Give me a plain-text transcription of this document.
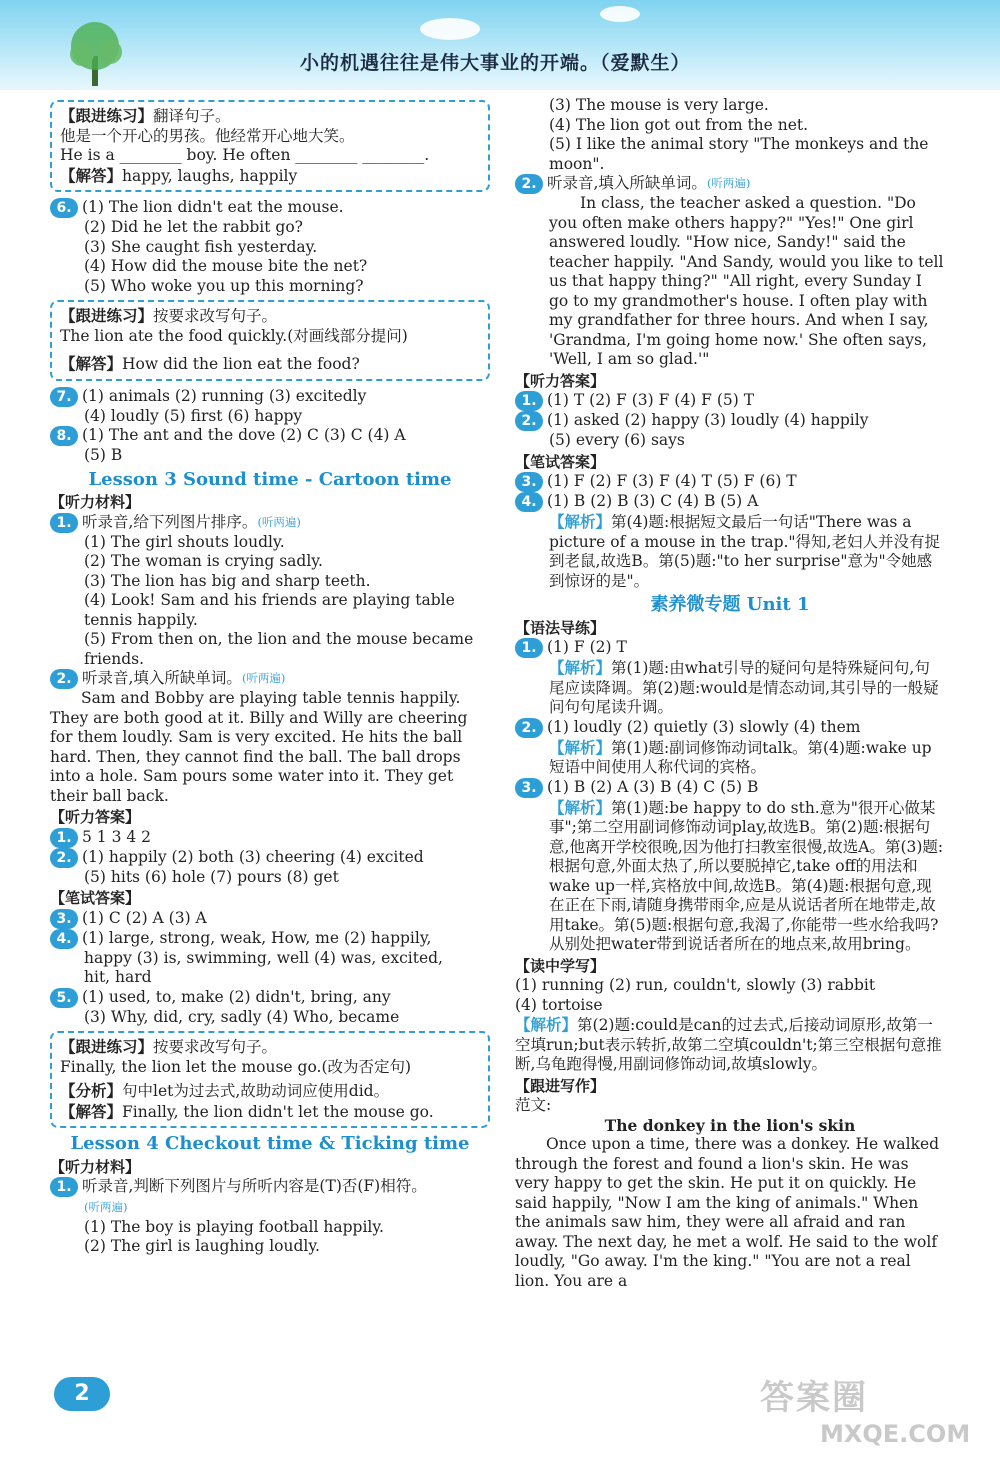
小的机遇往往是伟大事业的开端。（爱默生）
【跟进练习】翻译句子。
他是一个开心的男孩。他经常开心地大笑。
He is a ________ boy. He often ________ ________.
【解答】happy, laughs, happily
6. (1) The lion didn't eat the mouse.
(2) Did he let the rabbit go?
(3) She caught fish yesterday.
(4) How did the mouse bite the net?
(5) Who woke you up this morning?
【跟进练习】按要求改写句子。
The lion ate the food quickly.(对画线部分提问)
【解答】How did the lion eat the food?
7. (1) animals (2) running (3) excitedly
(4) loudly (5) first (6) happy
8. (1) The ant and the dove (2) C (3) C (4) A
(5) B
Lesson 3 Sound time - Cartoon time
【听力材料】
1. 听录音,给下列图片排序。 (听两遍)
(1) The girl shouts loudly.
(2) The woman is crying sadly.
(3) The lion has big and sharp teeth.
(4) Look! Sam and his friends are playing table tennis happily.
(5) From then on, the lion and the mouse became friends.
2. 听录音,填入所缺单词。 (听两遍)
Sam and Bobby are playing table tennis happily. They are both good at it. Billy and Willy are cheering for them loudly. Sam is very excited. He hits the ball hard. Then, they cannot find the ball. The ball drops into a hole. Sam pours some water into it. They get their ball back.
【听力答案】
1. 5 1 3 4 2
2. (1) happily (2) both (3) cheering (4) excited
(5) hits (6) hole (7) pours (8) get
【笔试答案】
3. (1) C (2) A (3) A
4. (1) large, strong, weak, How, me (2) happily,
happy (3) is, swimming, well (4) was, excited,
hit, hard
5. (1) used, to, make (2) didn't, bring, any
(3) Why, did, cry, sadly (4) Who, became
【跟进练习】按要求改写句子。
Finally, the lion let the mouse go.(改为否定句)
【分析】句中let为过去式,故助动词应使用did。
【解答】Finally, the lion didn't let the mouse go.
Lesson 4 Checkout time & Ticking time
【听力材料】
1. 听录音,判断下列图片与所听内容是(T)否(F)相符。
(听两遍)
(1) The boy is playing football happily.
(2) The girl is laughing loudly.
(3) The mouse is very large.
(4) The lion got out from the net.
(5) I like the animal story "The monkeys and the moon".
2. 听录音,填入所缺单词。 (听两遍)
In class, the teacher asked a question. "Do you often make others happy?" "Yes!" One girl answered loudly. "How nice, Sandy!" said the teacher happily. "And Sandy, would you like to tell us that happy thing?" "All right, every Sunday I go to my grandmother's house. I often play with my grandfather for three hours. And when I say, 'Grandma, I'm going home now.' She often says, 'Well, I am so glad.'"
【听力答案】
1. (1) T (2) F (3) F (4) F (5) T
2. (1) asked (2) happy (3) loudly (4) happily
(5) every (6) says
【笔试答案】
3. (1) F (2) F (3) F (4) T (5) F (6) T
4. (1) B (2) B (3) C (4) B (5) A
【解析】第(4)题:根据短文最后一句话"There was a picture of a mouse in the trap."得知,老妇人并没有捉到老鼠,故选B。第(5)题:"to her surprise"意为"令她感到惊讶的是"。
素养微专题 Unit 1
【语法导练】
1. (1) F (2) T
【解析】第(1)题:由what引导的疑问句是特殊疑问句,句尾应读降调。第(2)题:would是情态动词,其引导的一般疑问句句尾读升调。
2. (1) loudly (2) quietly (3) slowly (4) them
【解析】第(1)题:副词修饰动词talk。第(4)题:wake up短语中间使用人称代词的宾格。
3. (1) B (2) A (3) B (4) C (5) B
【解析】第(1)题:be happy to do sth.意为"很开心做某事";第二空用副词修饰动词play,故选B。第(2)题:根据句意,他离开学校很晚,因为他打扫教室很慢,故选A。第(3)题:根据句意,外面太热了,所以要脱掉它,take off的用法和wake up一样,宾格放中间,故选B。第(4)题:根据句意,现在正在下雨,请随身携带雨伞,应是从说话者所在地带走,故用take。第(5)题:根据句意,我渴了,你能带一些水给我吗?从别处把water带到说话者所在的地点来,故用bring。
【读中学写】
(1) running (2) run, couldn't, slowly (3) rabbit
(4) tortoise
【解析】第(2)题:could是can的过去式,后接动词原形,故第一空填run;but表示转折,故第二空填couldn't;第三空根据句意推断,乌龟跑得慢,用副词修饰动词,故填slowly。
【跟进写作】
范文:
The donkey in the lion's skin
Once upon a time, there was a donkey. He walked through the forest and found a lion's skin. He was very happy to get the skin. He put it on quickly. He said happily, "Now I am the king of animals." When the animals saw him, they were all afraid and ran away. The next day, he met a wolf. He said to the wolf loudly, "Go away. I'm the king." "You are not a real lion. You are a
2	答案圈
MXQE.COM
